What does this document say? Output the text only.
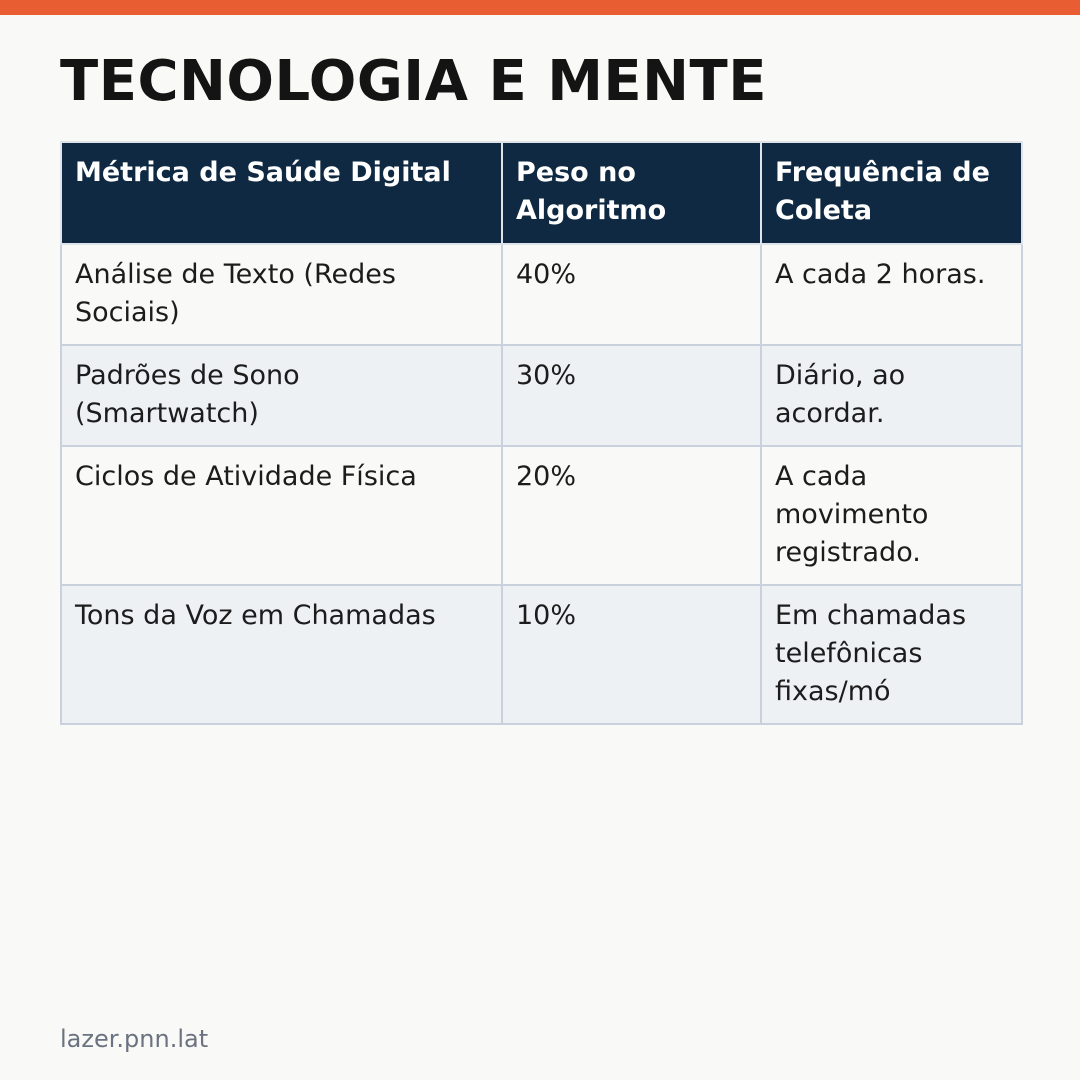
TECNOLOGIA E MENTE
Métrica de Saúde Digital	Peso no Algoritmo	Frequência de Coleta
Análise de Texto (Redes Sociais)	40%	A cada 2 horas.
Padrões de Sono (Smartwatch)	30%	Diário, ao acordar.
Ciclos de Atividade Física	20%	A cada movimento registrado.
Tons da Voz em Chamadas	10%	Em chamadas telefônicas fixas/mó
lazer.pnn.lat
